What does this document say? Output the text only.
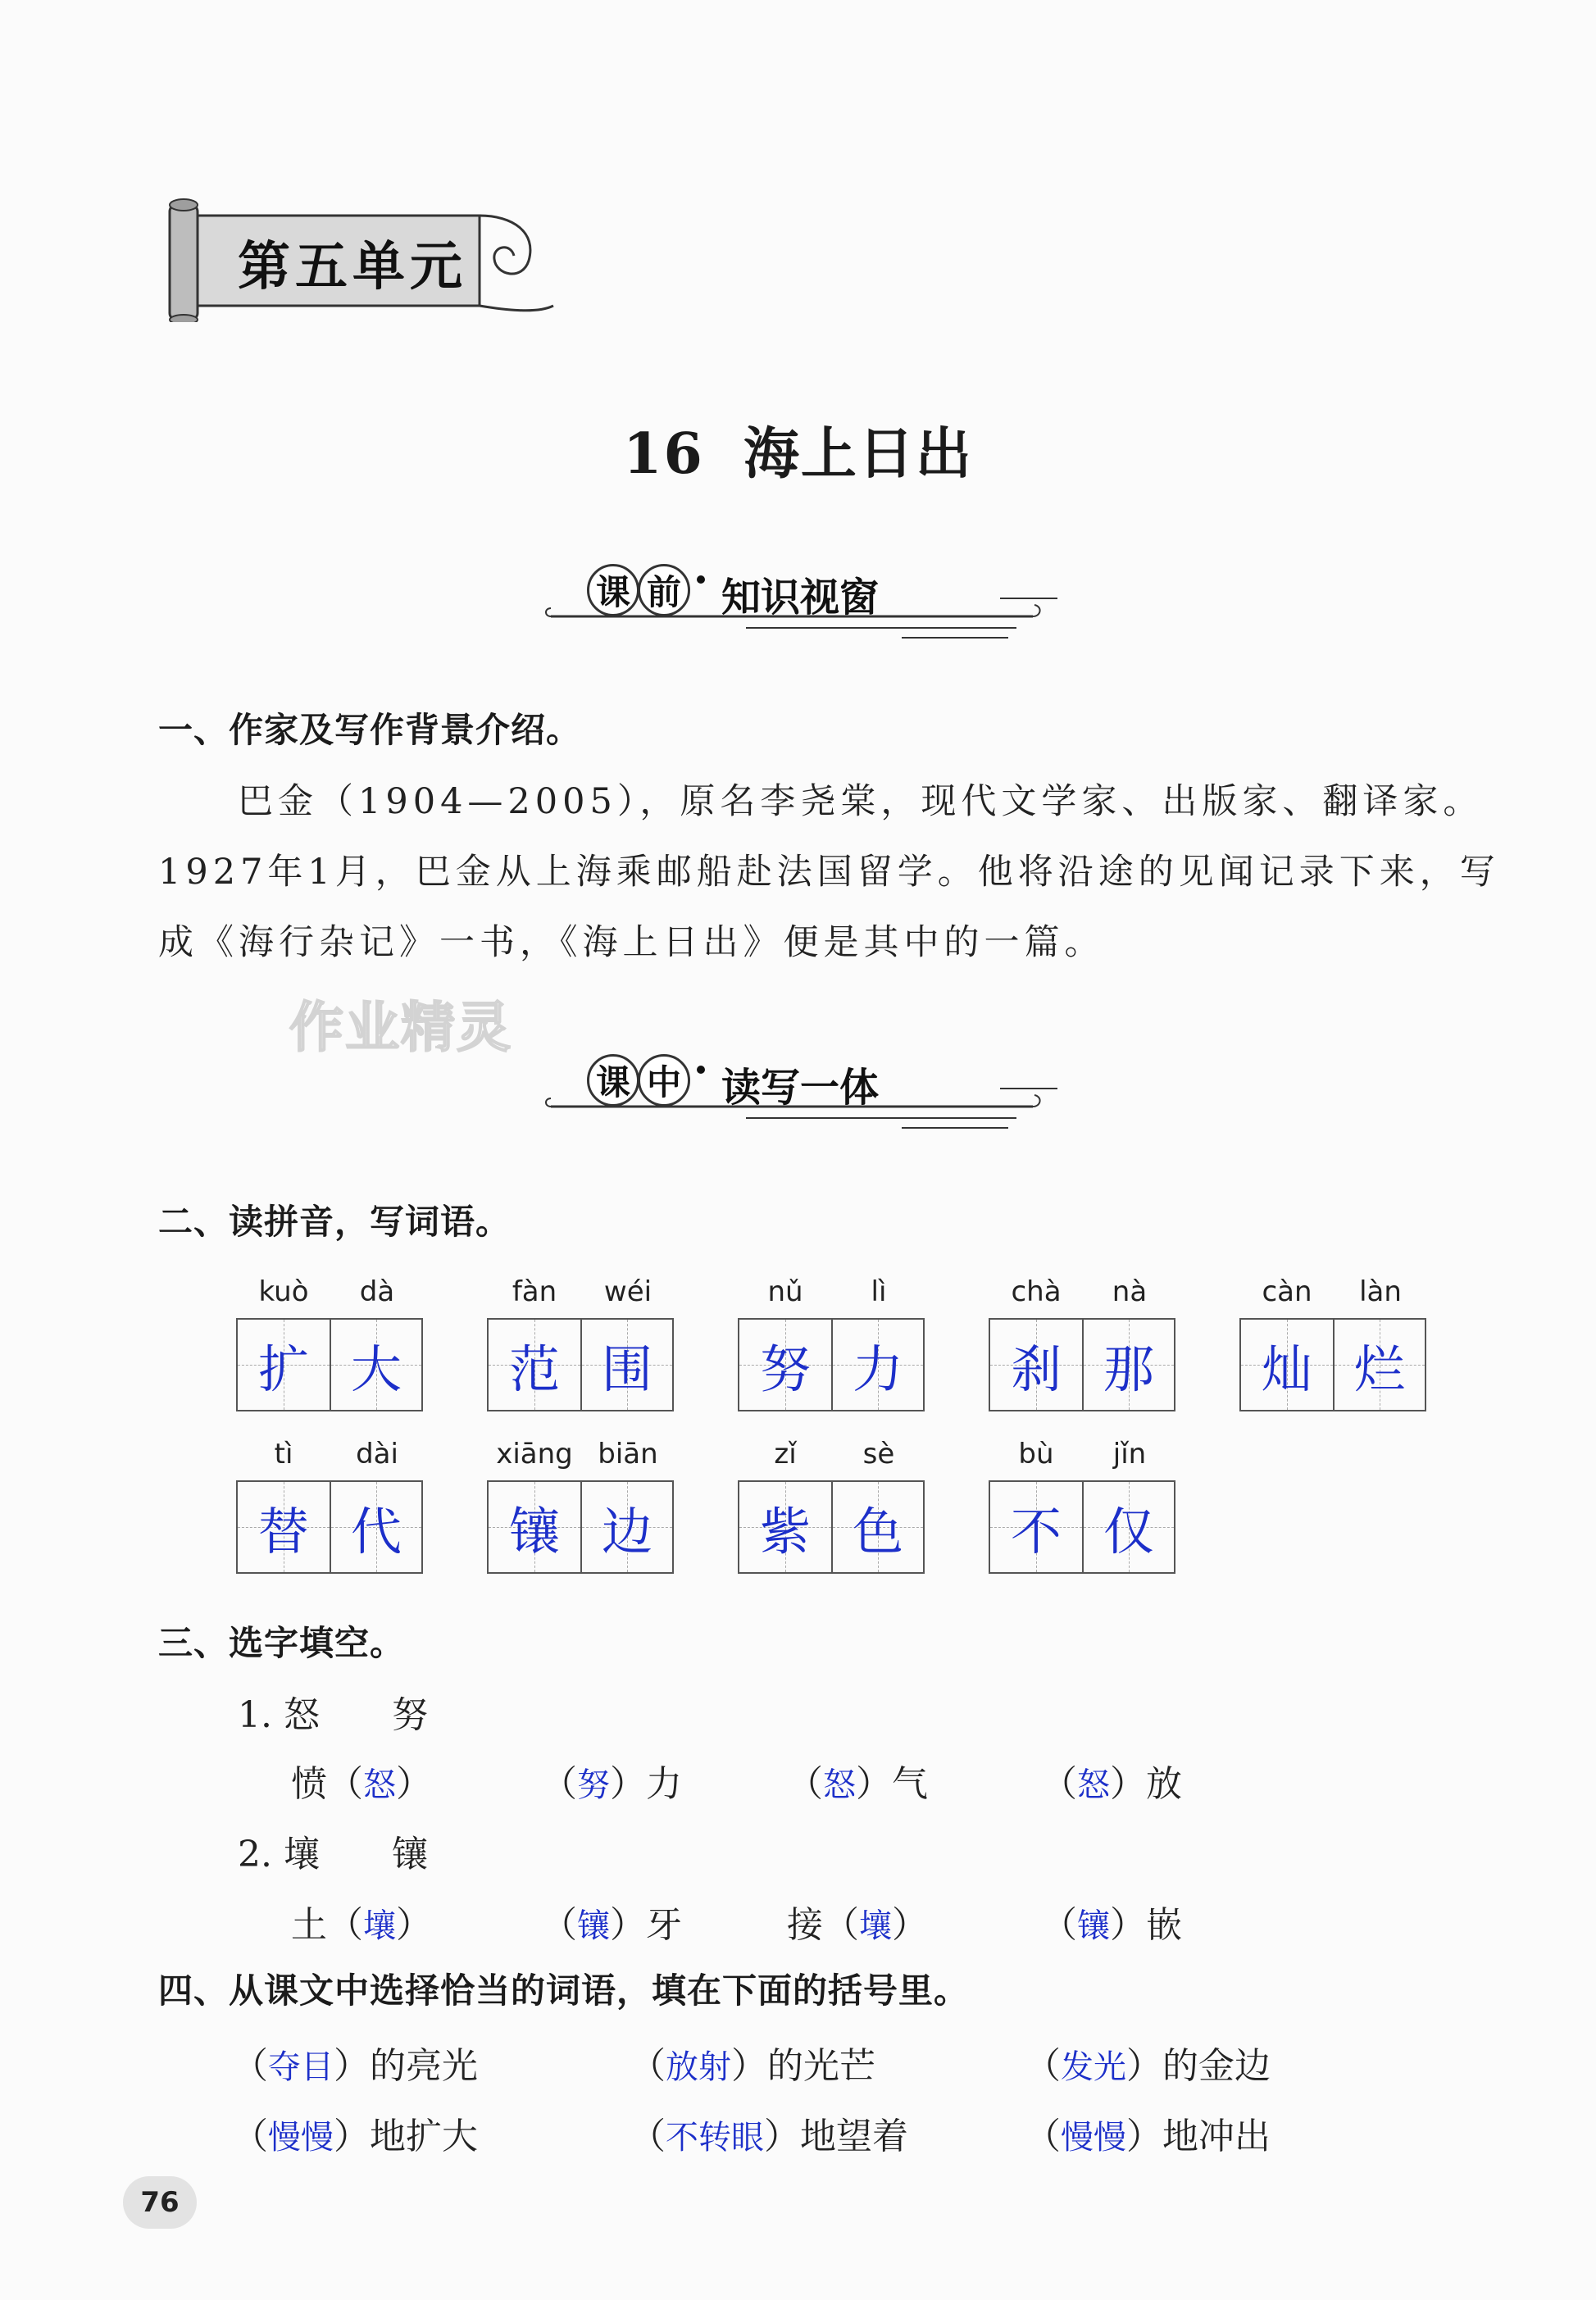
第五单元
16 海上日出
课 前 知识视窗
一、作家及写作背景介绍。
巴金（1904—2005），原名李尧棠，现代文学家、出版家、翻译家。
1927年1月，巴金从上海乘邮船赴法国留学。他将沿途的见闻记录下来，写
成《海行杂记》一书，《海上日出》便是其中的一篇。
作业精灵
课 中 读写一体
二、读拼音，写词语。
kuò	dà
扩 大
fàn	wéi
范 围
nǔ	lì
努 力
chà	nà
刹 那
càn	làn
灿 烂
tì	dài
替 代
xiāng biān
镶 边
zǐ	sè
紫 色
bù	jǐn
不 仅
三、选字填空。
1. 怒　　努
愤（怒）	（努）力	（怒）气	（怒）放
2. 壤　　镶
土（壤）	（镶）牙	接（壤）	（镶）嵌
四、从课文中选择恰当的词语，填在下面的括号里。
（夺目）的亮光	（放射）的光芒	（发光）的金边
（慢慢）地扩大	（不转眼）地望着	（慢慢）地冲出
76
